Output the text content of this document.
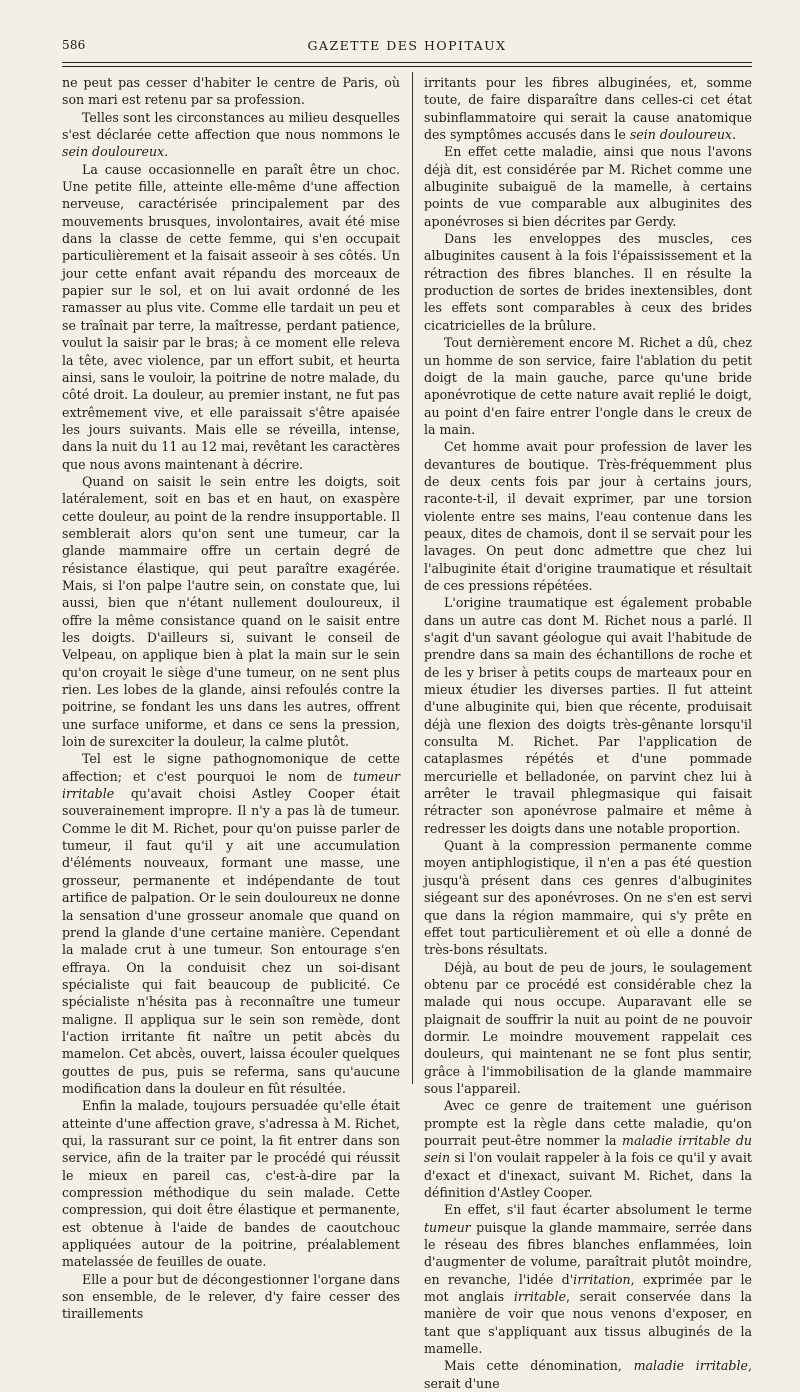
586	GAZETTE DES HOPITAUX

ne peut pas cesser d'habiter le centre de Paris, où son mari est retenu par sa profession.

Telles sont les circonstances au milieu desquelles s'est déclarée cette affection que nous nommons le sein douloureux.

La cause occasionnelle en paraît être un choc. Une petite fille, atteinte elle-même d'une affection nerveuse, caractérisée principalement par des mouvements brusques, involontaires, avait été mise dans la classe de cette femme, qui s'en occupait particulièrement et la faisait asseoir à ses côtés. Un jour cette enfant avait répandu des morceaux de papier sur le sol, et on lui avait ordonné de les ramasser au plus vite. Comme elle tardait un peu et se traînait par terre, la maîtresse, perdant patience, voulut la saisir par le bras; à ce moment elle releva la tête, avec violence, par un effort subit, et heurta ainsi, sans le vouloir, la poitrine de notre malade, du côté droit. La douleur, au premier instant, ne fut pas extrêmement vive, et elle paraissait s'être apaisée les jours suivants. Mais elle se réveilla, intense, dans la nuit du 11 au 12 mai, revêtant les caractères que nous avons maintenant à décrire.

Quand on saisit le sein entre les doigts, soit latéralement, soit en bas et en haut, on exaspère cette douleur, au point de la rendre insupportable. Il semblerait alors qu'on sent une tumeur, car la glande mammaire offre un certain degré de résistance élastique, qui peut paraître exagérée. Mais, si l'on palpe l'autre sein, on constate que, lui aussi, bien que n'étant nullement douloureux, il offre la même consistance quand on le saisit entre les doigts. D'ailleurs si, suivant le conseil de Velpeau, on applique bien à plat la main sur le sein qu'on croyait le siège d'une tumeur, on ne sent plus rien. Les lobes de la glande, ainsi refoulés contre la poitrine, se fondant les uns dans les autres, offrent une surface uniforme, et dans ce sens la pression, loin de surexciter la douleur, la calme plutôt.

Tel est le signe pathognomonique de cette affection; et c'est pourquoi le nom de tumeur irritable qu'avait choisi Astley Cooper était souverainement impropre. Il n'y a pas là de tumeur. Comme le dit M. Richet, pour qu'on puisse parler de tumeur, il faut qu'il y ait une accumulation d'éléments nouveaux, formant une masse, une grosseur, permanente et indépendante de tout artifice de palpation. Or le sein douloureux ne donne la sensation d'une grosseur anomale que quand on prend la glande d'une certaine manière. Cependant la malade crut à une tumeur. Son entourage s'en effraya. On la conduisit chez un soi-disant spécialiste qui fait beaucoup de publicité. Ce spécialiste n'hésita pas à reconnaître une tumeur maligne. Il appliqua sur le sein son remède, dont l'action irritante fit naître un petit abcès du mamelon. Cet abcès, ouvert, laissa écouler quelques gouttes de pus, puis se referma, sans qu'aucune modification dans la douleur en fût résultée.

Enfin la malade, toujours persuadée qu'elle était atteinte d'une affection grave, s'adressa à M. Richet, qui, la rassurant sur ce point, la fit entrer dans son service, afin de la traiter par le procédé qui réussit le mieux en pareil cas, c'est-à-dire par la compression méthodique du sein malade. Cette compression, qui doit être élastique et permanente, est obtenue à l'aide de bandes de caoutchouc appliquées autour de la poitrine, préalablement matelassée de feuilles de ouate.

Elle a pour but de décongestionner l'organe dans son ensemble, de le relever, d'y faire cesser des tiraillements

irritants pour les fibres albuginées, et, somme toute, de faire disparaître dans celles-ci cet état subinflammatoire qui serait la cause anatomique des symptômes accusés dans le sein douloureux.

En effet cette maladie, ainsi que nous l'avons déjà dit, est considérée par M. Richet comme une albuginite subaiguë de la mamelle, à certains points de vue comparable aux albuginites des aponévroses si bien décrites par Gerdy.

Dans les enveloppes des muscles, ces albuginites causent à la fois l'épaississement et la rétraction des fibres blanches. Il en résulte la production de sortes de brides inextensibles, dont les effets sont comparables à ceux des brides cicatricielles de la brûlure.

Tout dernièrement encore M. Richet a dû, chez un homme de son service, faire l'ablation du petit doigt de la main gauche, parce qu'une bride aponévrotique de cette nature avait replié le doigt, au point d'en faire entrer l'ongle dans le creux de la main.

Cet homme avait pour profession de laver les devantures de boutique. Très-fréquemment plus de deux cents fois par jour à certains jours, raconte-t-il, il devait exprimer, par une torsion violente entre ses mains, l'eau contenue dans les peaux, dites de chamois, dont il se servait pour les lavages. On peut donc admettre que chez lui l'albuginite était d'origine traumatique et résultait de ces pressions répétées.

L'origine traumatique est également probable dans un autre cas dont M. Richet nous a parlé. Il s'agit d'un savant géologue qui avait l'habitude de prendre dans sa main des échantillons de roche et de les y briser à petits coups de marteaux pour en mieux étudier les diverses parties. Il fut atteint d'une albuginite qui, bien que récente, produisait déjà une flexion des doigts très-gênante lorsqu'il consulta M. Richet. Par l'application de cataplasmes répétés et d'une pommade mercurielle et belladonée, on parvint chez lui à arrêter le travail phlegmasique qui faisait rétracter son aponévrose palmaire et même à redresser les doigts dans une notable proportion.

Quant à la compression permanente comme moyen antiphlogistique, il n'en a pas été question jusqu'à présent dans ces genres d'albuginites siégeant sur des aponévroses. On ne s'en est servi que dans la région mammaire, qui s'y prête en effet tout particulièrement et où elle a donné de très-bons résultats.

Déjà, au bout de peu de jours, le soulagement obtenu par ce procédé est considérable chez la malade qui nous occupe. Auparavant elle se plaignait de souffrir la nuit au point de ne pouvoir dormir. Le moindre mouvement rappelait ces douleurs, qui maintenant ne se font plus sentir, grâce à l'immobilisation de la glande mammaire sous l'appareil.

Avec ce genre de traitement une guérison prompte est la règle dans cette maladie, qu'on pourrait peut-être nommer la maladie irritable du sein si l'on voulait rappeler à la fois ce qu'il y avait d'exact et d'inexact, suivant M. Richet, dans la définition d'Astley Cooper.

En effet, s'il faut écarter absolument le terme tumeur puisque la glande mammaire, serrée dans le réseau des fibres blanches enflammées, loin d'augmenter de volume, paraîtrait plutôt moindre, en revanche, l'idée d'irritation, exprimée par le mot anglais irritable, serait conservée dans la manière de voir que nous venons d'exposer, en tant que s'appliquant aux tissus albuginés de la mamelle.

Mais cette dénomination, maladie irritable, serait d'une
